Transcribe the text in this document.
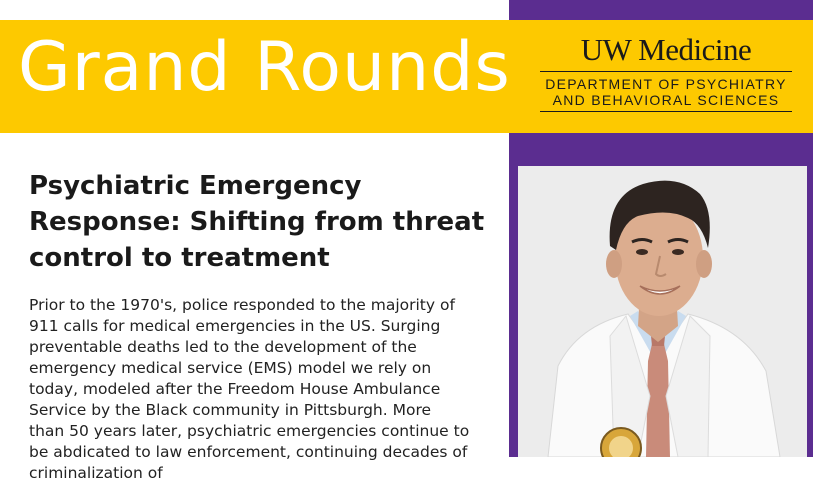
Grand Rounds	UW Medicine
DEPARTMENT OF PSYCHIATRY
AND BEHAVIORAL SCIENCES
Psychiatric Emergency Response: Shifting from threat control to treatment

Prior to the 1970's, police responded to the majority of 911 calls for medical emergencies in the US. Surging preventable deaths led to the development of the emergency medical service (EMS) model we rely on today, modeled after the Freedom House Ambulance Service by the Black community in Pittsburgh. More than 50 years later, psychiatric emergencies continue to be abdicated to law enforcement, continuing decades of criminalization of
